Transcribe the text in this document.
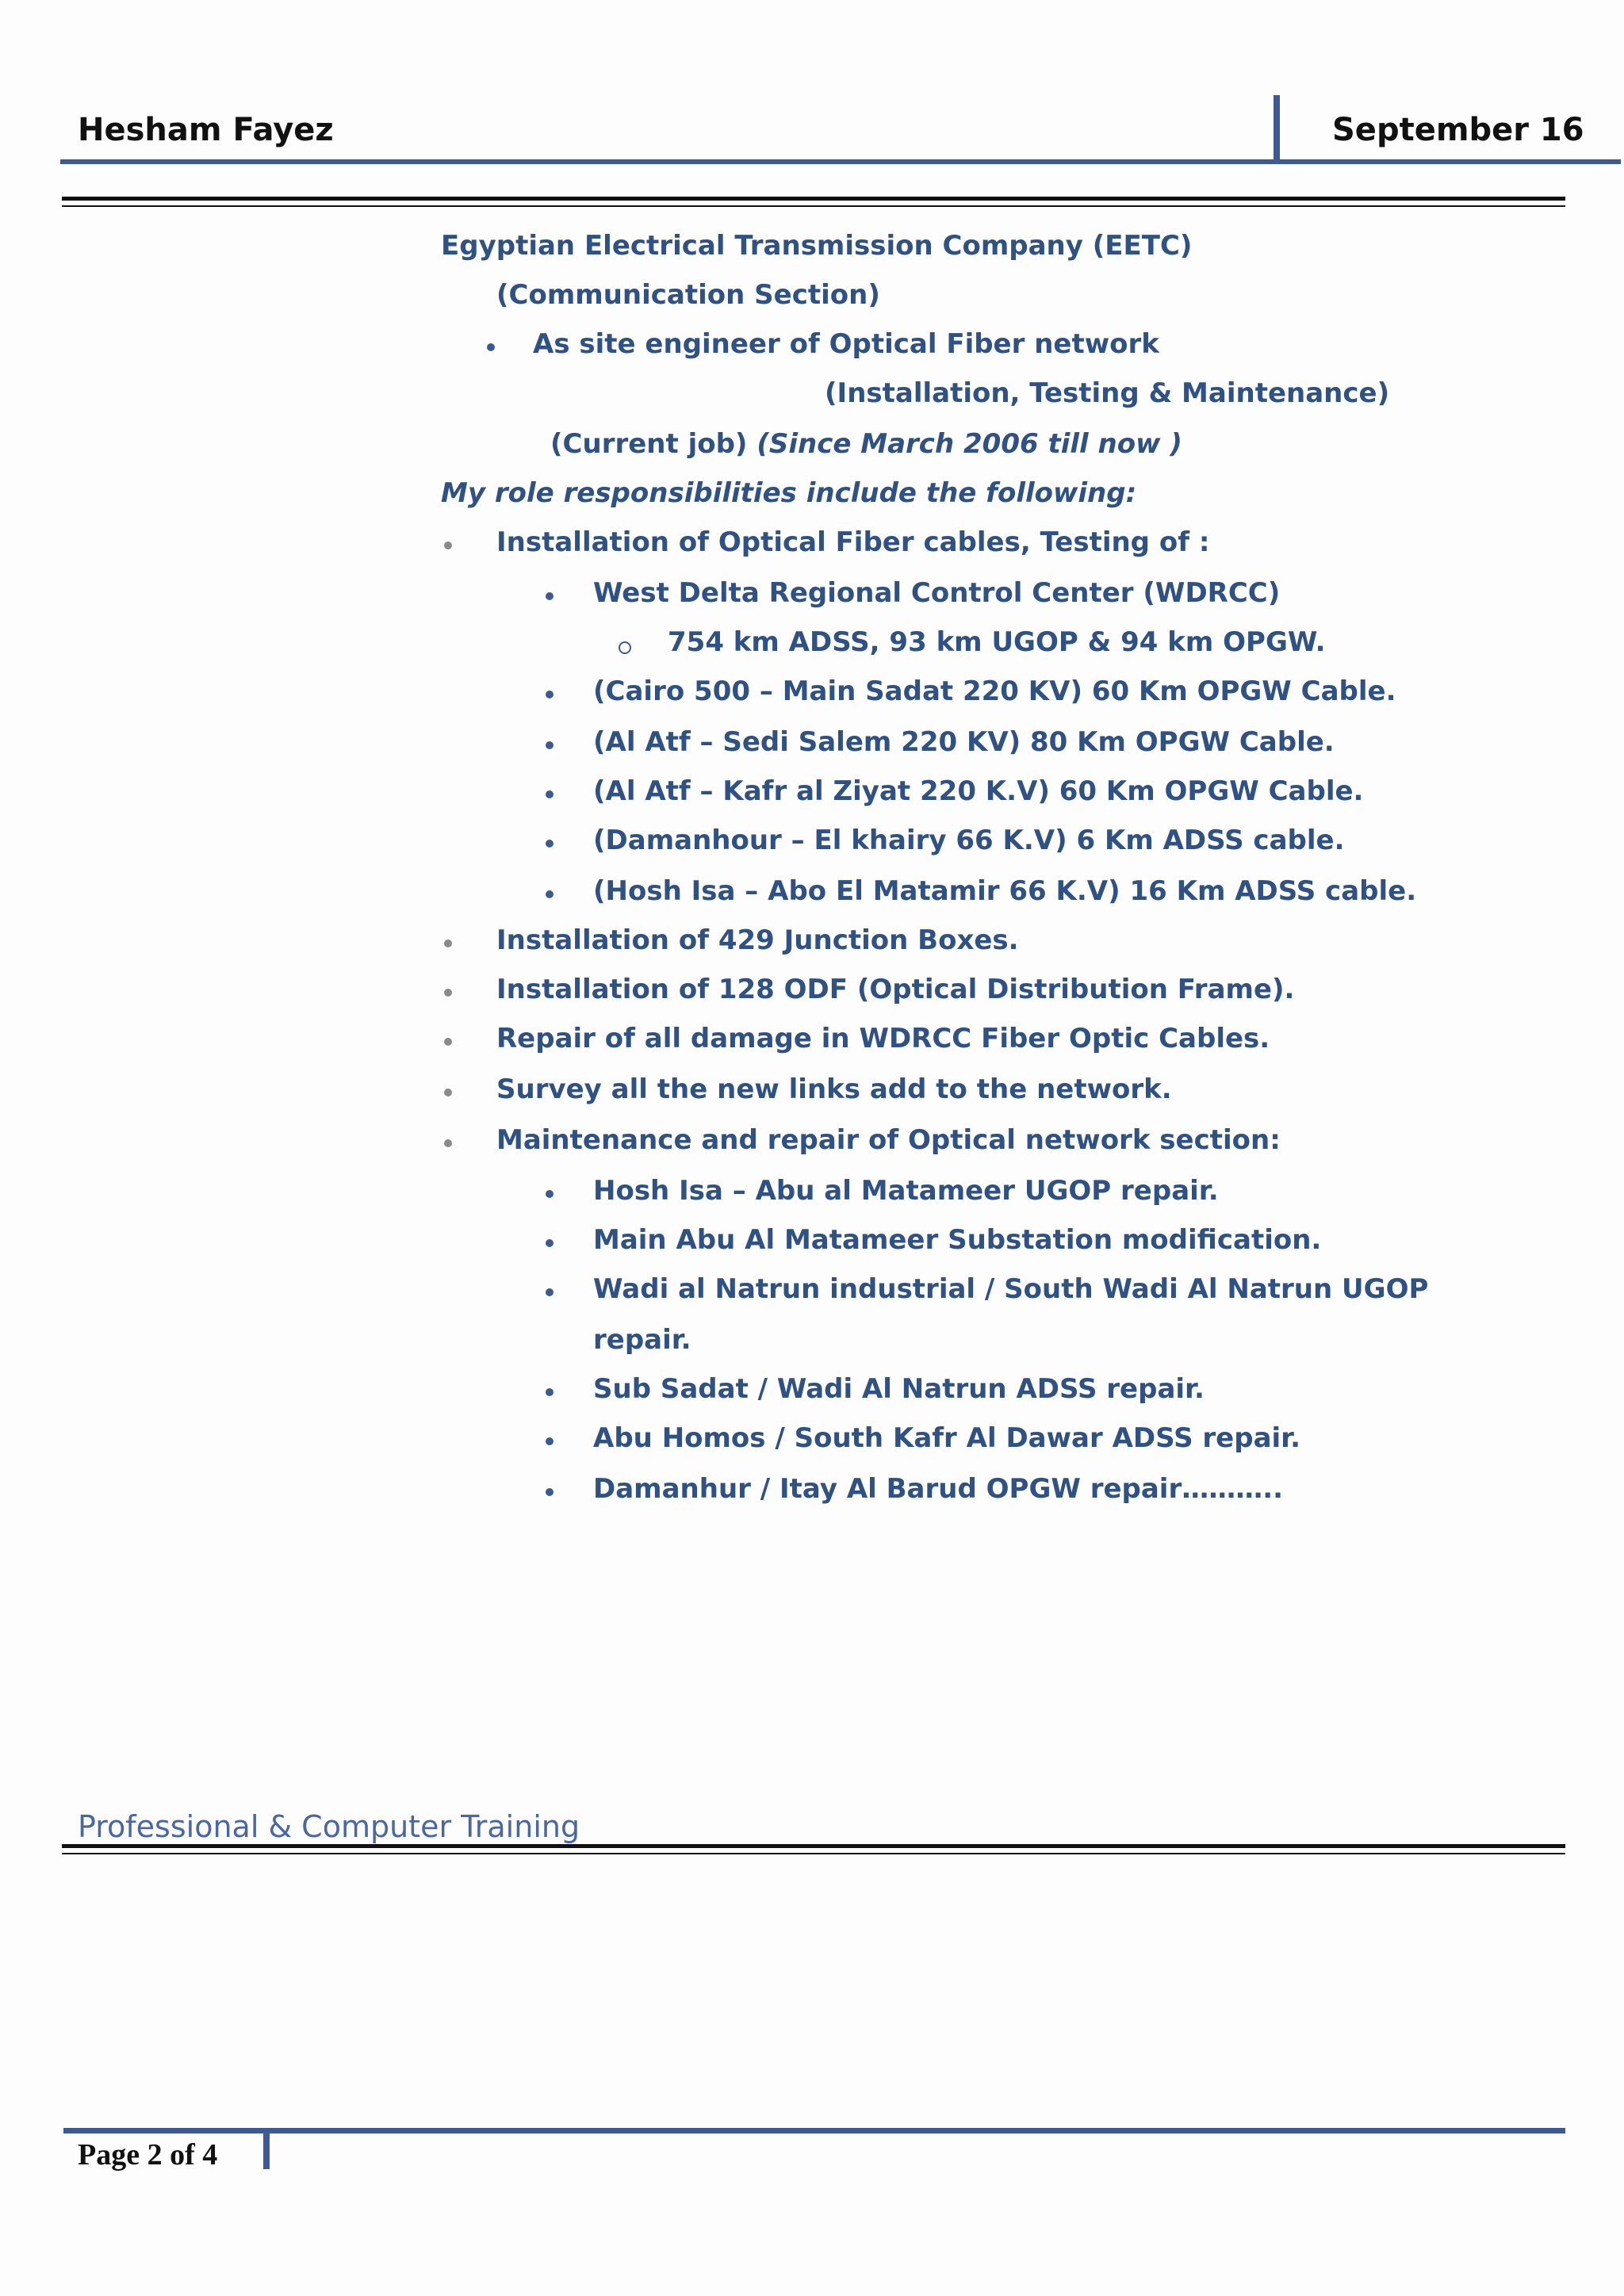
Hesham Fayez	September 16
Egyptian Electrical Transmission Company (EETC)
(Communication Section)
As site engineer of Optical Fiber network
(Installation, Testing & Maintenance)
(Current job) (Since March 2006 till now )
My role responsibilities include the following:
Installation of Optical Fiber cables, Testing of :
West Delta Regional Control Center (WDRCC)
754 km ADSS, 93 km UGOP & 94 km OPGW.
(Cairo 500 – Main Sadat 220 KV) 60 Km OPGW Cable.
(Al Atf – Sedi Salem 220 KV) 80 Km OPGW Cable.
(Al Atf – Kafr al Ziyat 220 K.V) 60 Km OPGW Cable.
(Damanhour – El khairy 66 K.V) 6 Km ADSS cable.
(Hosh Isa – Abo El Matamir 66 K.V) 16 Km ADSS cable.
Installation of 429 Junction Boxes.
Installation of 128 ODF (Optical Distribution Frame).
Repair of all damage in WDRCC Fiber Optic Cables.
Survey all the new links add to the network.
Maintenance and repair of Optical network section:
Hosh Isa – Abu al Matameer UGOP repair.
Main Abu Al Matameer Substation modification.
Wadi al Natrun industrial / South Wadi Al Natrun UGOP
repair.
Sub Sadat / Wadi Al Natrun ADSS repair.
Abu Homos / South Kafr Al Dawar ADSS repair.
Damanhur / Itay Al Barud OPGW repair………..
Professional & Computer Training
Page 2 of 4
